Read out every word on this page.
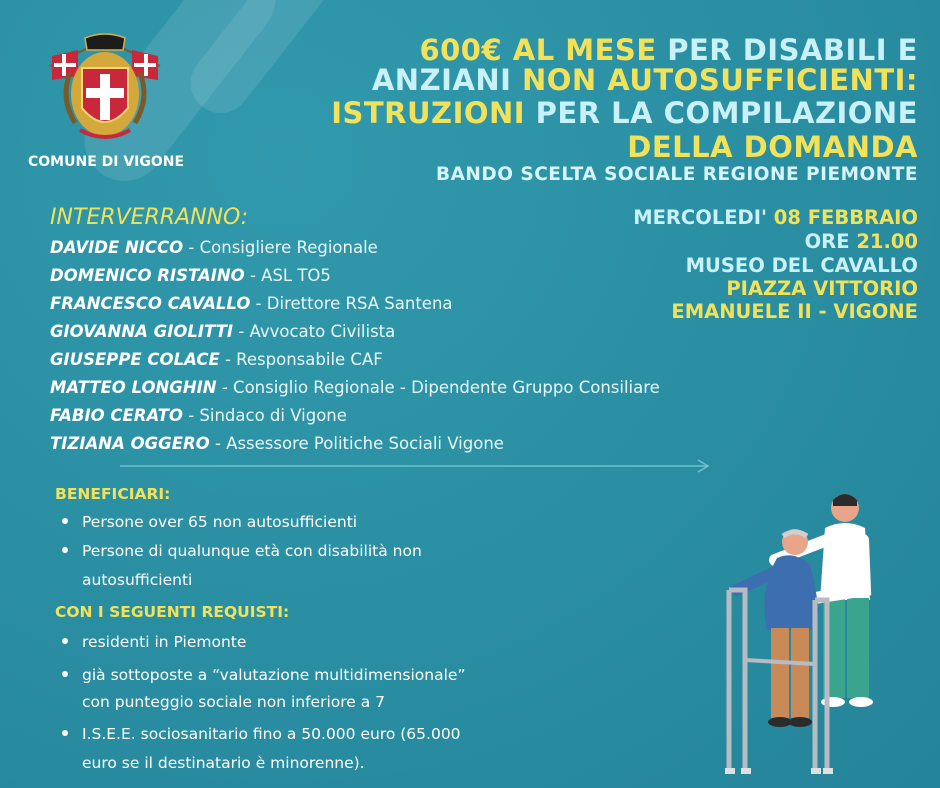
COMUNE DI VIGONE
600€ AL MESE PER DISABILI E
ANZIANI NON AUTOSUFFICIENTI:
ISTRUZIONI PER LA COMPILAZIONE
DELLA DOMANDA
BANDO SCELTA SOCIALE REGIONE PIEMONTE
INTERVERRANNO:
DAVIDE NICCO - Consigliere Regionale
DOMENICO RISTAINO - ASL TO5
FRANCESCO CAVALLO - Direttore RSA Santena
GIOVANNA GIOLITTI - Avvocato Civilista
GIUSEPPE COLACE - Responsabile CAF
MATTEO LONGHIN - Consiglio Regionale - Dipendente Gruppo Consiliare
FABIO CERATO - Sindaco di Vigone
TIZIANA OGGERO - Assessore Politiche Sociali Vigone
MERCOLEDI' 08 FEBBRAIO
ORE 21.00
MUSEO DEL CAVALLO
PIAZZA VITTORIO
EMANUELE II - VIGONE
BENEFICIARI:
Persone over 65 non autosufficienti
Persone di qualunque età con disabilità non
autosufficienti
CON I SEGUENTI REQUISTI:
residenti in Piemonte
già sottoposte a “valutazione multidimensionale”
con punteggio sociale non inferiore a 7
I.S.E.E. sociosanitario fino a 50.000 euro (65.000
euro se il destinatario è minorenne).
